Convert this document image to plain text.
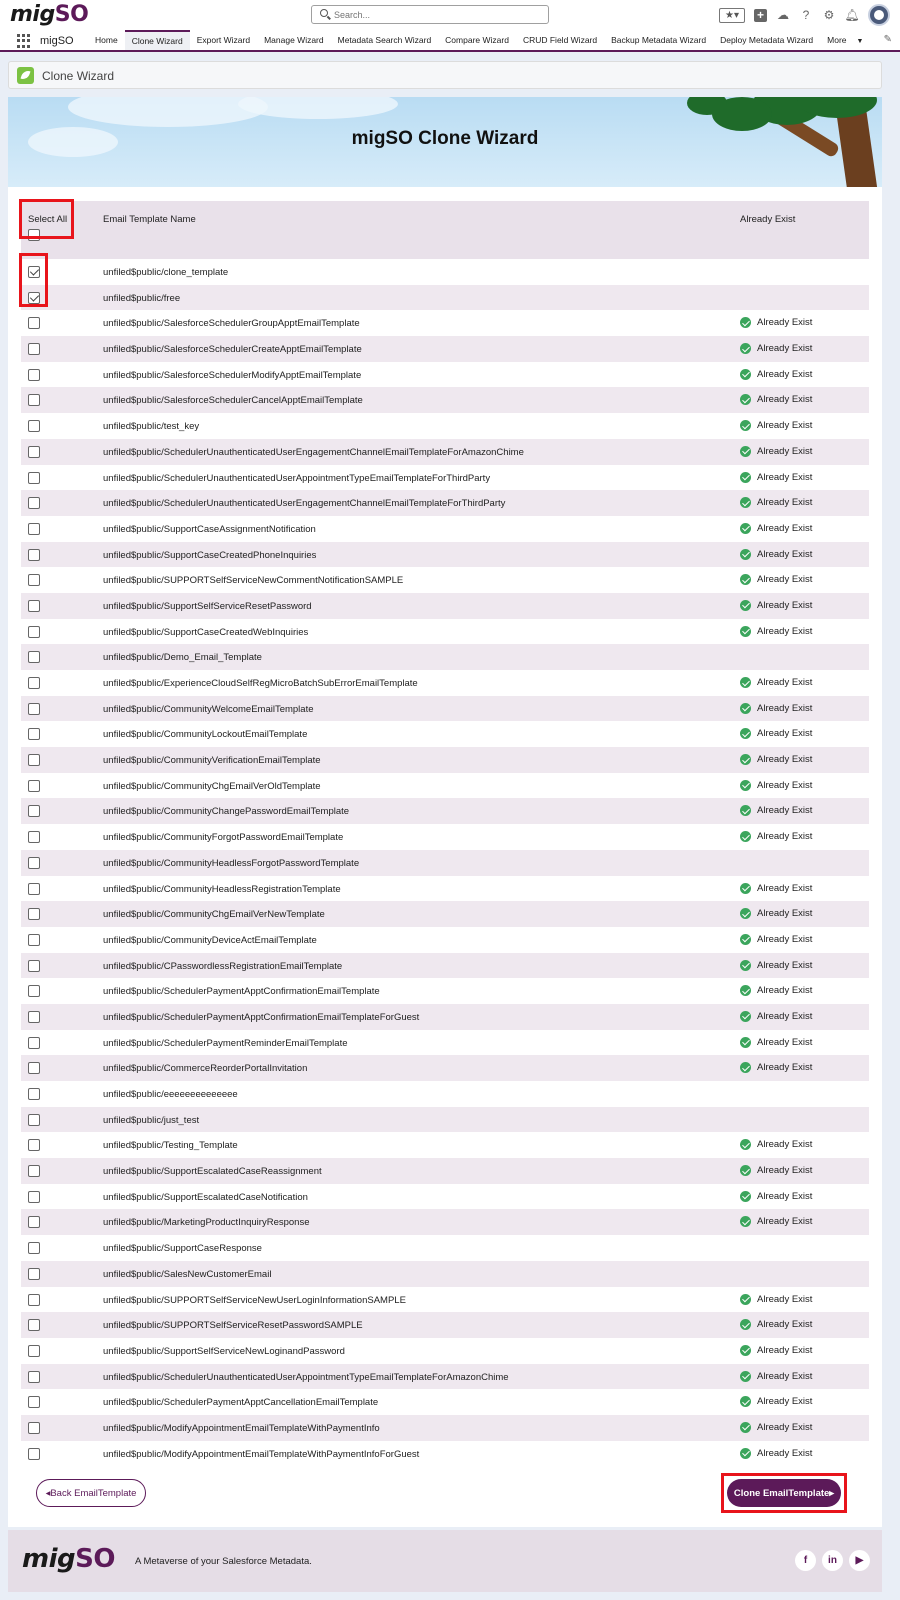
migSO
Search...	★▾	+ ☁	?	⚙ 🔔︎
migSO	Home	Clone Wizard	Export Wizard	Manage Wizard	Metadata Search Wizard	Compare Wizard	CRUD Field Wizard	Backup Metadata Wizard	Deploy Metadata Wizard	More ▼	✎
Clone Wizard
migSO Clone Wizard
Select All	Email Template Name	Already Exist
unfiled$public/clone_template
unfiled$public/free
unfiled$public/SalesforceSchedulerGroupApptEmailTemplate	Already Exist
unfiled$public/SalesforceSchedulerCreateApptEmailTemplate	Already Exist
unfiled$public/SalesforceSchedulerModifyApptEmailTemplate	Already Exist
unfiled$public/SalesforceSchedulerCancelApptEmailTemplate	Already Exist
unfiled$public/test_key	Already Exist
unfiled$public/SchedulerUnauthenticatedUserEngagementChannelEmailTemplateForAmazonChime	Already Exist
unfiled$public/SchedulerUnauthenticatedUserAppointmentTypeEmailTemplateForThirdParty	Already Exist
unfiled$public/SchedulerUnauthenticatedUserEngagementChannelEmailTemplateForThirdParty	Already Exist
unfiled$public/SupportCaseAssignmentNotification	Already Exist
unfiled$public/SupportCaseCreatedPhoneInquiries	Already Exist
unfiled$public/SUPPORTSelfServiceNewCommentNotificationSAMPLE	Already Exist
unfiled$public/SupportSelfServiceResetPassword	Already Exist
unfiled$public/SupportCaseCreatedWebInquiries	Already Exist
unfiled$public/Demo_Email_Template
unfiled$public/ExperienceCloudSelfRegMicroBatchSubErrorEmailTemplate	Already Exist
unfiled$public/CommunityWelcomeEmailTemplate	Already Exist
unfiled$public/CommunityLockoutEmailTemplate	Already Exist
unfiled$public/CommunityVerificationEmailTemplate	Already Exist
unfiled$public/CommunityChgEmailVerOldTemplate	Already Exist
unfiled$public/CommunityChangePasswordEmailTemplate	Already Exist
unfiled$public/CommunityForgotPasswordEmailTemplate	Already Exist
unfiled$public/CommunityHeadlessForgotPasswordTemplate
unfiled$public/CommunityHeadlessRegistrationTemplate	Already Exist
unfiled$public/CommunityChgEmailVerNewTemplate	Already Exist
unfiled$public/CommunityDeviceActEmailTemplate	Already Exist
unfiled$public/CPasswordlessRegistrationEmailTemplate	Already Exist
unfiled$public/SchedulerPaymentApptConfirmationEmailTemplate	Already Exist
unfiled$public/SchedulerPaymentApptConfirmationEmailTemplateForGuest	Already Exist
unfiled$public/SchedulerPaymentReminderEmailTemplate	Already Exist
unfiled$public/CommerceReorderPortalInvitation	Already Exist
unfiled$public/eeeeeeeeeeeeee
unfiled$public/just_test
unfiled$public/Testing_Template	Already Exist
unfiled$public/SupportEscalatedCaseReassignment	Already Exist
unfiled$public/SupportEscalatedCaseNotification	Already Exist
unfiled$public/MarketingProductInquiryResponse	Already Exist
unfiled$public/SupportCaseResponse
unfiled$public/SalesNewCustomerEmail
unfiled$public/SUPPORTSelfServiceNewUserLoginInformationSAMPLE	Already Exist
unfiled$public/SUPPORTSelfServiceResetPasswordSAMPLE	Already Exist
unfiled$public/SupportSelfServiceNewLoginandPassword	Already Exist
unfiled$public/SchedulerUnauthenticatedUserAppointmentTypeEmailTemplateForAmazonChime	Already Exist
unfiled$public/SchedulerPaymentApptCancellationEmailTemplate	Already Exist
unfiled$public/ModifyAppointmentEmailTemplateWithPaymentInfo	Already Exist
unfiled$public/ModifyAppointmentEmailTemplateWithPaymentInfoForGuest	Already Exist
◂Back EmailTemplate	Clone EmailTemplate▸
migSO A Metaverse of your Salesforce Metadata.	f	in	▶
